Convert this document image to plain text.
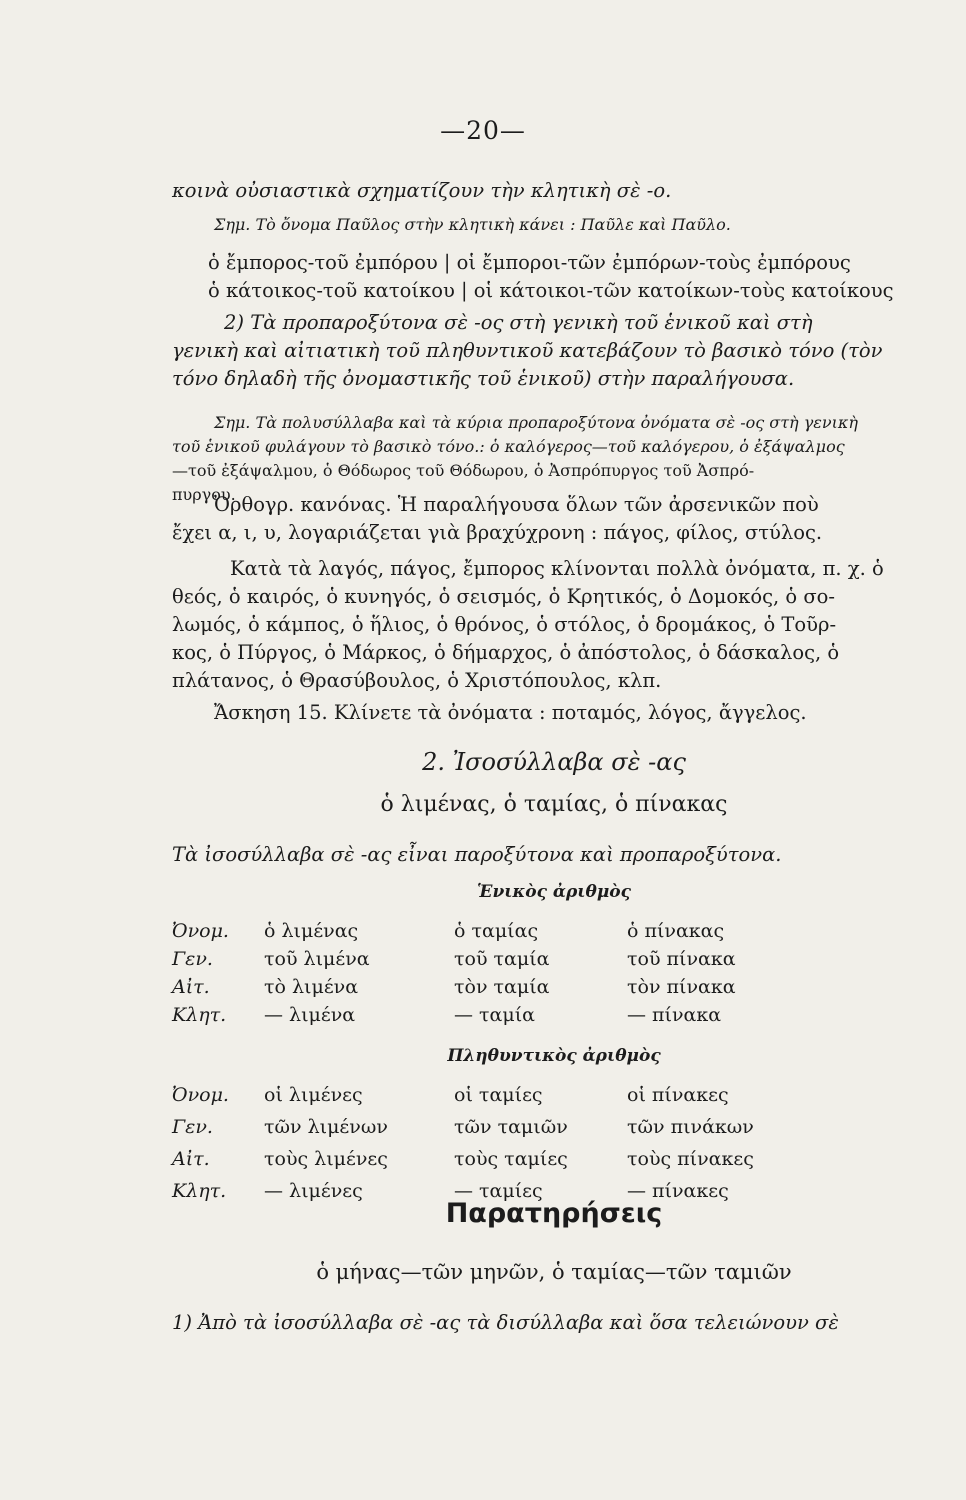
—20—
κοινὰ οὐσιαστικὰ σχηματίζουν τὴν κλητικὴ σὲ -ο.
Σημ. Τὸ ὄνομα Παῦλος στὴν κλητικὴ κάνει : Παῦλε καὶ Παῦλο.
ὁ ἔμπορος-τοῦ ἐμπόρου | οἱ ἔμποροι-τῶν ἐμπόρων-τοὺς ἐμπόρους
ὁ κάτοικος-τοῦ κατοίκου | οἱ κάτοικοι-τῶν κατοίκων-τοὺς κατοίκους
2) Τὰ προπαροξύτονα σὲ -ος στὴ γενικὴ τοῦ ἑνικοῦ καὶ στὴ
γενικὴ καὶ αἰτιατικὴ τοῦ πληθυντικοῦ κατεβάζουν τὸ βασικὸ τόνο (τὸν
τόνο δηλαδὴ τῆς ὀνομαστικῆς τοῦ ἑνικοῦ) στὴν παραλήγουσα.
Σημ. Τὰ πολυσύλλαβα καὶ τὰ κύρια προπαροξύτονα ὀνόματα σὲ -ος στὴ γενικὴ
τοῦ ἑνικοῦ φυλάγουν τὸ βασικὸ τόνο.: ὁ καλόγερος—τοῦ καλόγερου, ὁ ἐξάψαλμος
—τοῦ ἐξάψαλμου, ὁ Θόδωρος τοῦ Θόδωρου, ὁ Ἀσπρόπυργος τοῦ Ἀσπρό-
πυργου.
Ὀρθογρ. κανόνας. Ἡ παραλήγουσα ὅλων τῶν ἀρσενικῶν ποὺ
ἔχει α, ι, υ, λογαριάζεται γιὰ βραχύχρονη : πάγος, φίλος, στύλος.
Κατὰ τὰ λαγός, πάγος, ἔμπορος κλίνονται πολλὰ ὀνόματα, π. χ. ὁ
θεός, ὁ καιρός, ὁ κυνηγός, ὁ σεισμός, ὁ Κρητικός, ὁ Δομοκός, ὁ σο-
λωμός, ὁ κάμπος, ὁ ἥλιος, ὁ θρόνος, ὁ στόλος, ὁ δρομάκος, ὁ Τοῦρ-
κος, ὁ Πύργος, ὁ Μάρκος, ὁ δήμαρχος, ὁ ἀπόστολος, ὁ δάσκαλος, ὁ
πλάτανος, ὁ Θρασύβουλος, ὁ Χριστόπουλος, κλπ.
Ἄσκηση 15. Κλίνετε τὰ ὀνόματα : ποταμός, λόγος, ἄγγελος.
2. Ἰσοσύλλαβα σὲ -ας
ὁ λιμένας, ὁ ταμίας, ὁ πίνακας
Τὰ ἰσοσύλλαβα σὲ -ας εἶναι παροξύτονα καὶ προπαροξύτονα.
Ἑνικὸς ἀριθμὸς
Ὀνομ. ὁ λιμένας	ὁ ταμίας	ὁ πίνακας
Γεν.	τοῦ λιμένα	τοῦ ταμία	τοῦ πίνακα
Αἰτ.	τὸ λιμένα	τὸν ταμία	τὸν πίνακα
Κλητ. — λιμένα	— ταμία	— πίνακα
Πληθυντικὸς ἀριθμὸς
Ὀνομ. οἱ λιμένες	οἱ ταμίες	οἱ πίνακες
Γεν.	τῶν λιμένων	τῶν ταμιῶν	τῶν πινάκων
Αἰτ.	τοὺς λιμένες	τοὺς ταμίες	τοὺς πίνακες
Κλητ. — λιμένες	— ταμίες	— πίνακες
Παρατηρήσεις
ὁ μήνας—τῶν μηνῶν, ὁ ταμίας—τῶν ταμιῶν
1) Ἀπὸ τὰ ἰσοσύλλαβα σὲ -ας τὰ δισύλλαβα καὶ ὅσα τελειώνουν σὲ
